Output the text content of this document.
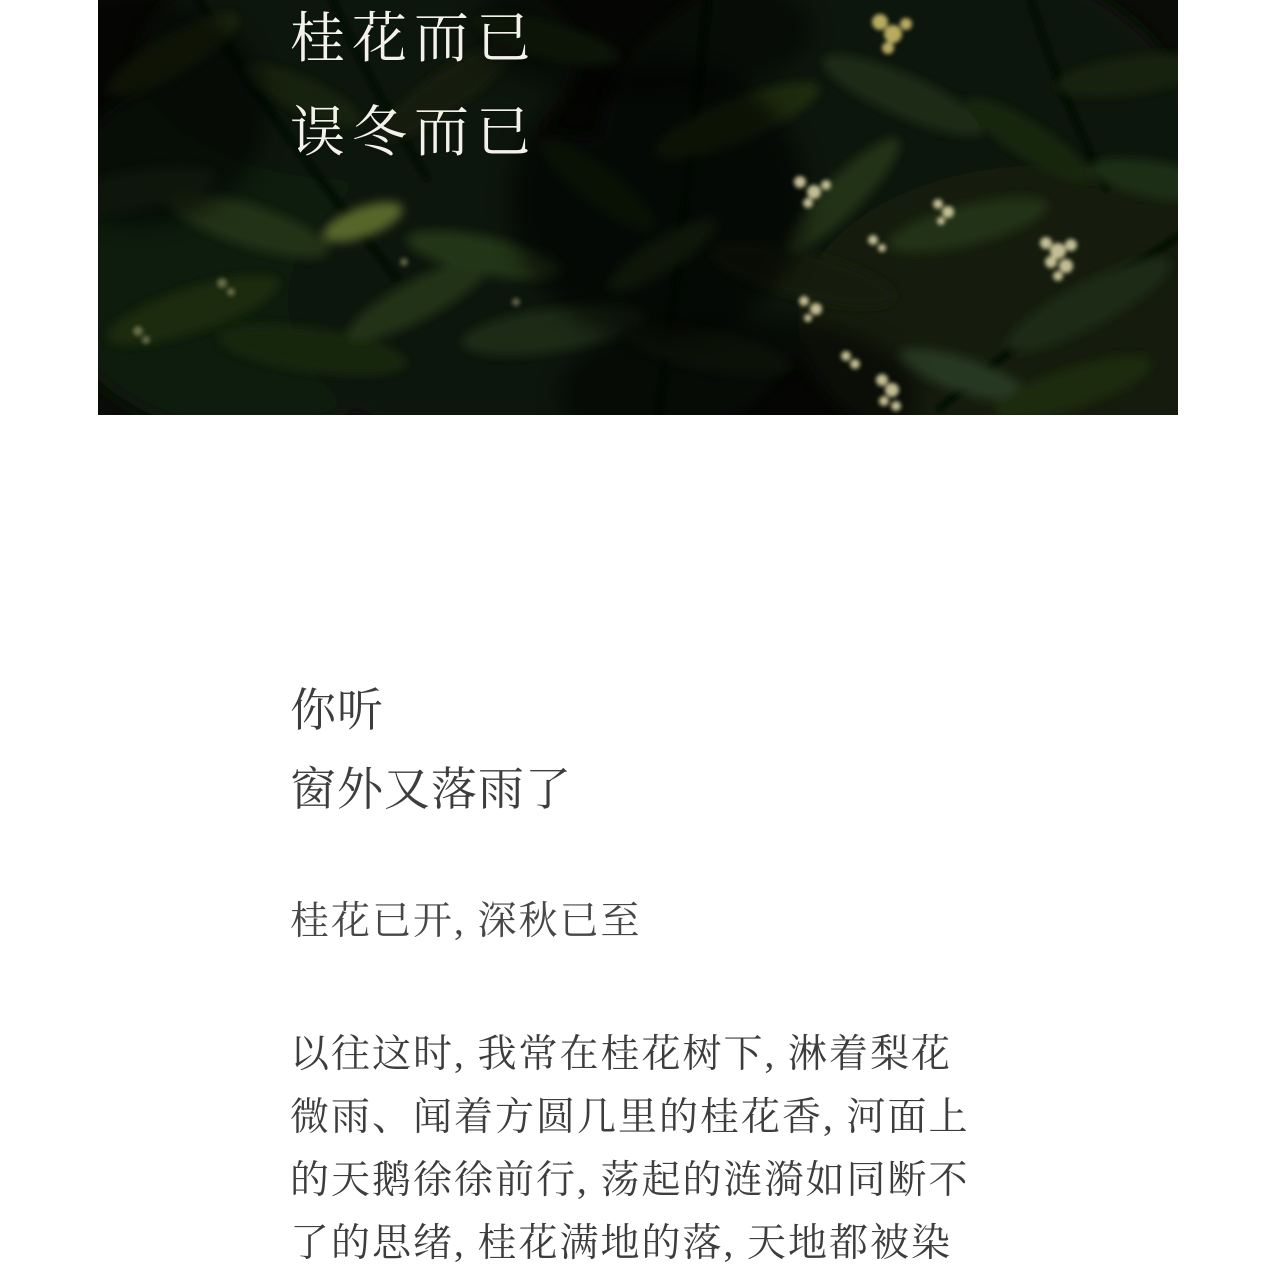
桂花而已
误冬而已
你听
窗外又落雨了
桂花已开, 深秋已至
以往这时, 我常在桂花树下, 淋着梨花
微雨、闻着方圆几里的桂花香, 河面上
的天鹅徐徐前行, 荡起的涟漪如同断不
了的思绪, 桂花满地的落, 天地都被染
